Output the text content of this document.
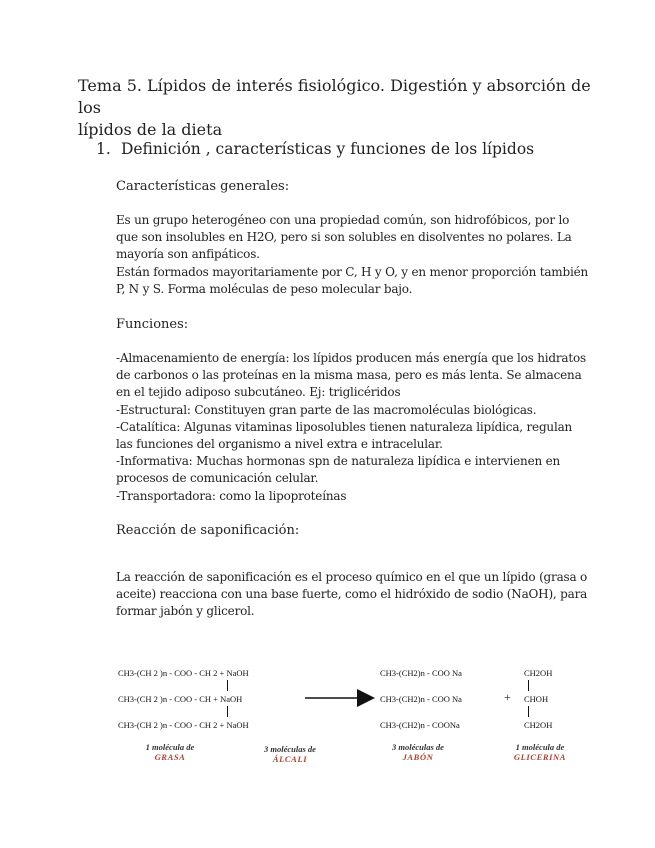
Tema 5. Lípidos de interés fisiológico. Digestión y absorción de los
lípidos de la dieta
1. Definición , características y funciones de los lípidos
Características generales:

Es un grupo heterogéneo con una propiedad común, son hidrofóbicos, por lo
que son insolubles en H2O, pero si son solubles en disolventes no polares. La
mayoría son anfipáticos.
Están formados mayoritariamente por C, H y O, y en menor proporción también
P, N y S. Forma moléculas de peso molecular bajo.

Funciones:

-Almacenamiento de energía: los lípidos producen más energía que los hidratos
de carbonos o las proteínas en la misma masa, pero es más lenta. Se almacena
en el tejido adiposo subcutáneo. Ej: triglicéridos
-Estructural: Constituyen gran parte de las macromoléculas biológicas.
-Catalítica: Algunas vitaminas liposolubles tienen naturaleza lipídica, regulan
las funciones del organismo a nivel extra e intracelular.
-Informativa: Muchas hormonas spn de naturaleza lipídica e intervienen en
procesos de comunicación celular.
-Transportadora: como la lipoproteínas

Reacción de saponificación:

La reacción de saponificación es el proceso químico en el que un lípido (grasa o
aceite) reacciona con una base fuerte, como el hidróxido de sodio (NaOH), para
formar jabón y glicerol.

CH3-(CH 2 )n - COO - CH 2 + NaOH
CH3-(CH 2 )n - COO - CH + NaOH
CH3-(CH 2 )n - COO - CH 2 + NaOH
CH3-(CH2)n - COO Na
CH3-(CH2)n - COO Na
CH3-(CH2)n - COONa
+
CH2OH
CHOH
CH2OH
1 molécula de
GRASA
3 moléculas de
ÁLCALI
3 moléculas de
JABÓN
1 molécula de
GLICERINA
